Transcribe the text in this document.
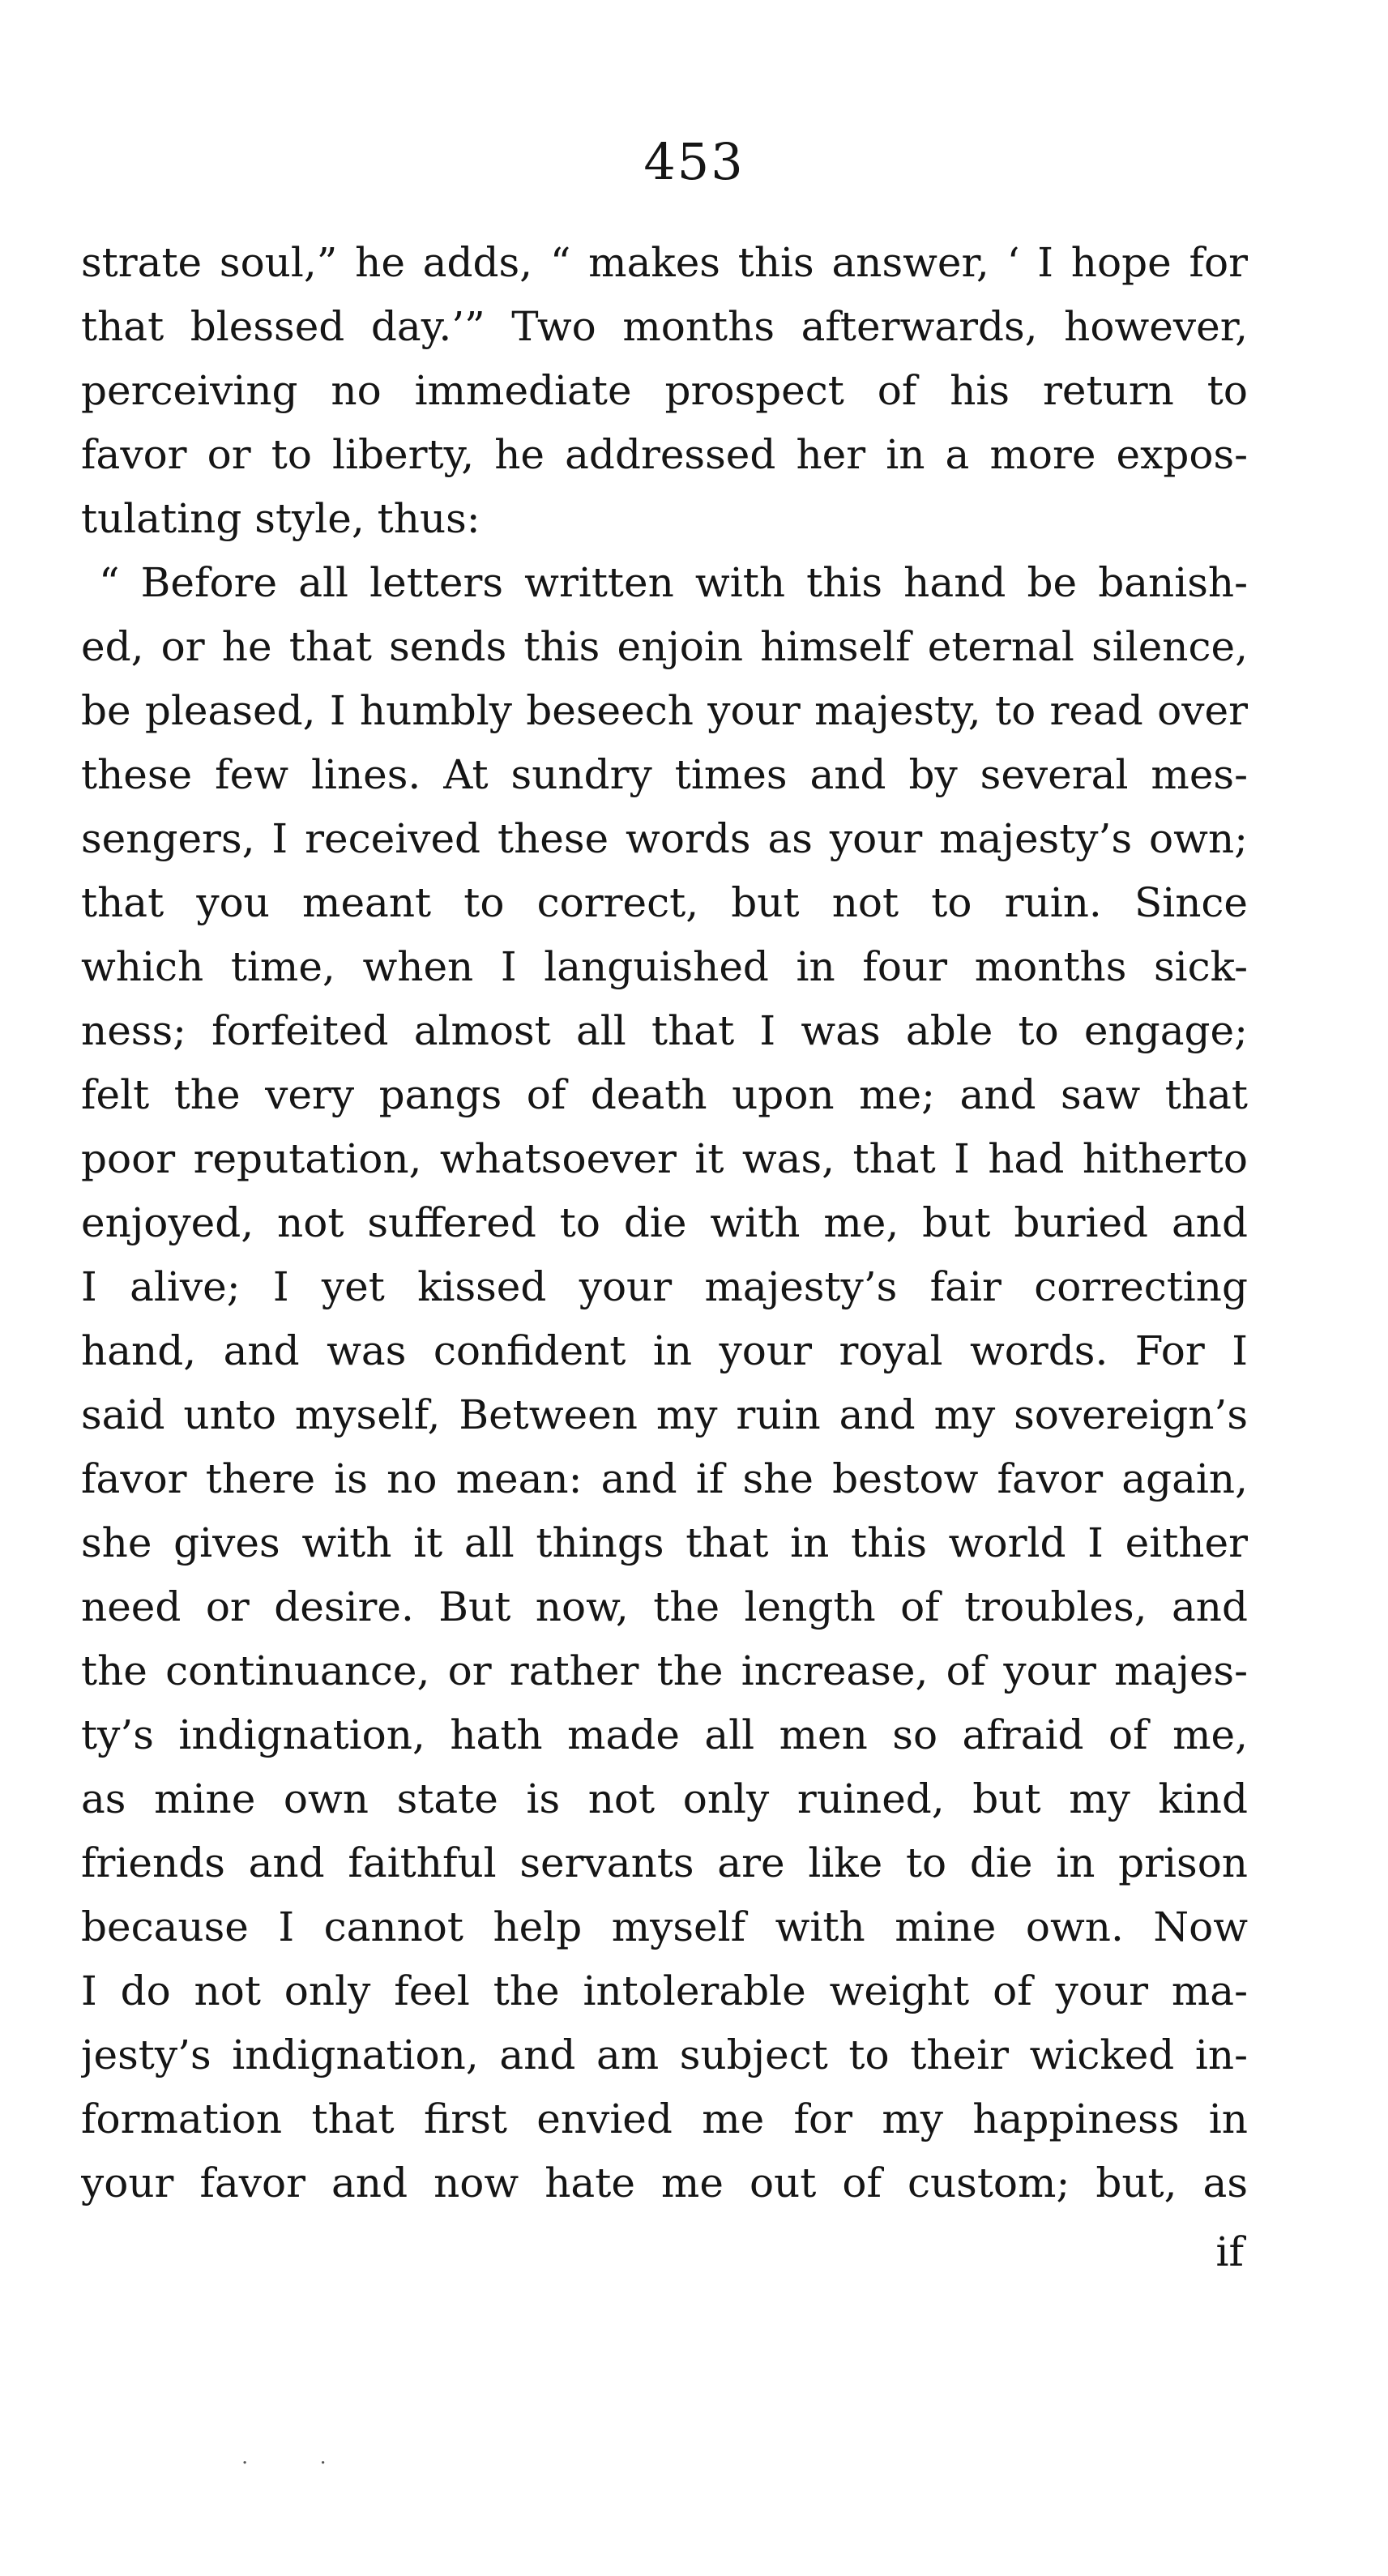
453
strate soul,” he adds, “ makes this answer, ‘ I hope for
that blessed day.’” Two months afterwards, however,
perceiving no immediate prospect of his return to
favor or to liberty, he addressed her in a more expos-
tulating style, thus:
“ Before all letters written with this hand be banish-
ed, or he that sends this enjoin himself eternal silence,
be pleased, I humbly beseech your majesty, to read over
these few lines. At sundry times and by several mes-
sengers, I received these words as your majesty’s own;
that you meant to correct, but not to ruin. Since
which time, when I languished in four months sick-
ness; forfeited almost all that I was able to engage;
felt the very pangs of death upon me; and saw that
poor reputation, whatsoever it was, that I had hitherto
enjoyed, not suffered to die with me, but buried and
I alive; I yet kissed your majesty’s fair correcting
hand, and was confident in your royal words. For I
said unto myself, Between my ruin and my sovereign’s
favor there is no mean: and if she bestow favor again,
she gives with it all things that in this world I either
need or desire. But now, the length of troubles, and
the continuance, or rather the increase, of your majes-
ty’s indignation, hath made all men so afraid of me,
as mine own state is not only ruined, but my kind
friends and faithful servants are like to die in prison
because I cannot help myself with mine own. Now
I do not only feel the intolerable weight of your ma-
jesty’s indignation, and am subject to their wicked in-
formation that first envied me for my happiness in
your favor and now hate me out of custom; but, as
if
· ·
